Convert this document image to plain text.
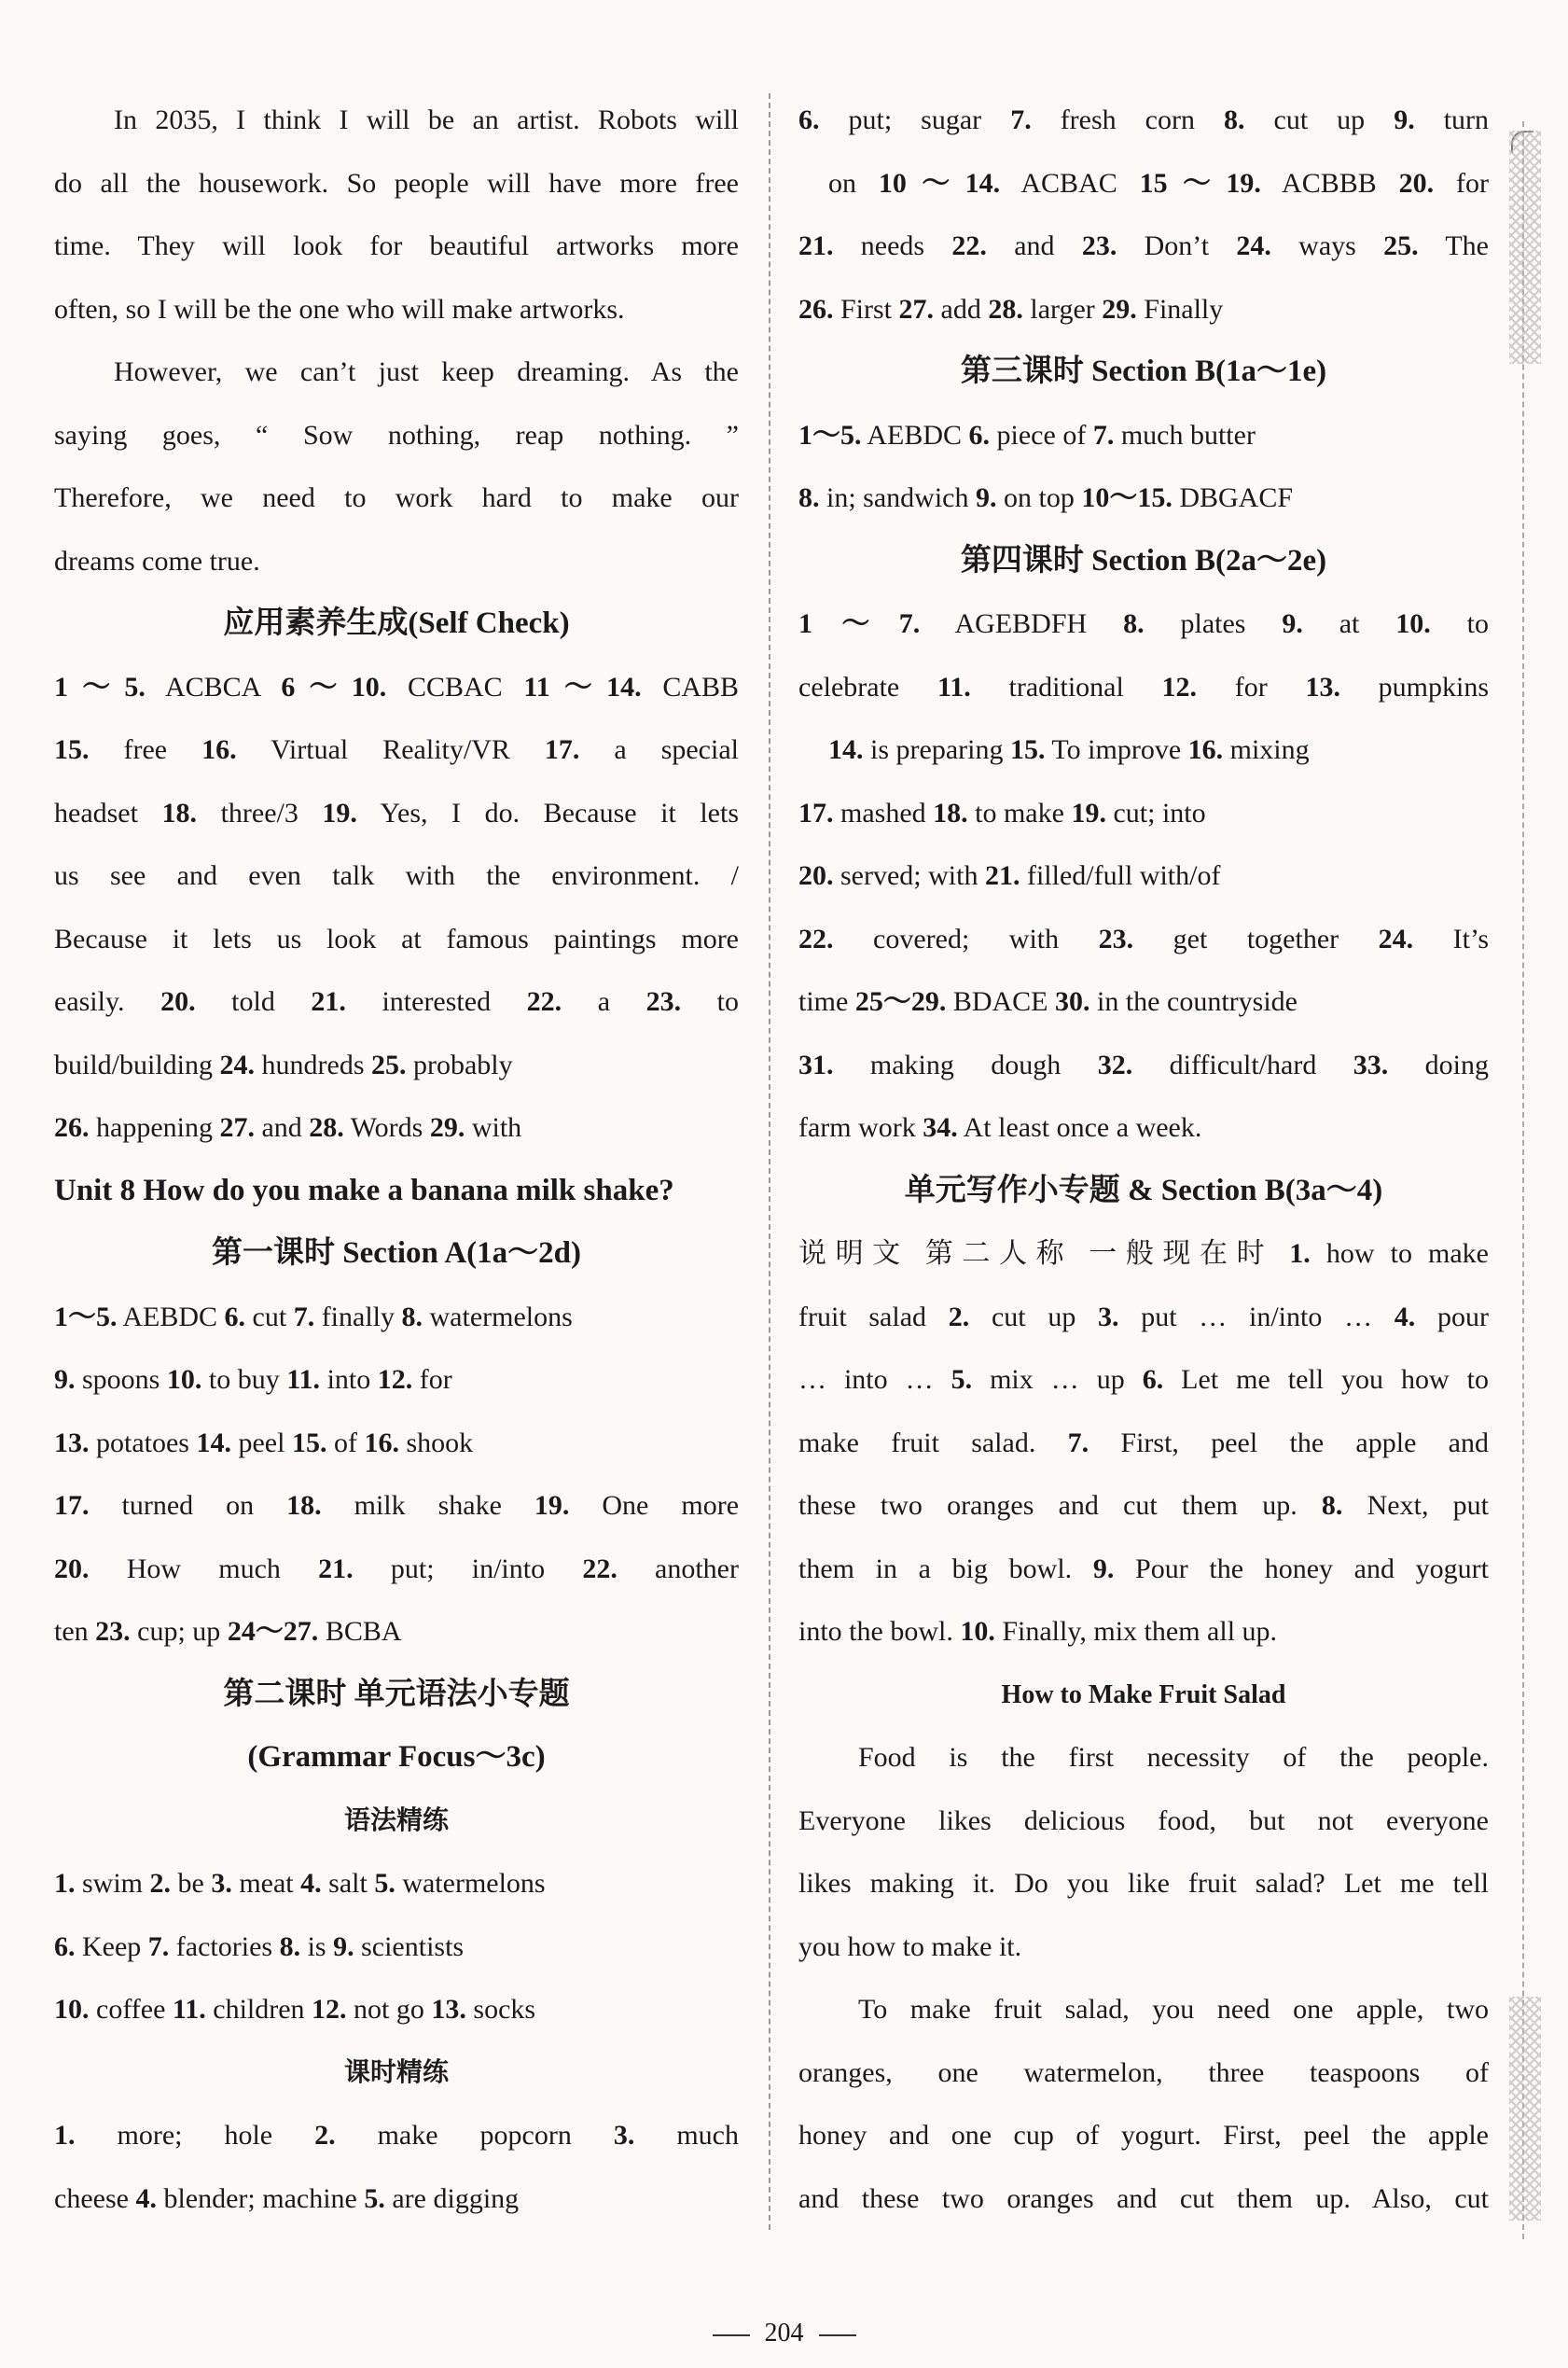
In 2035, I think I will be an artist. Robots will
do all the housework. So people will have more free
time. They will look for beautiful artworks more
often, so I will be the one who will make artworks.
However, we can’t just keep dreaming. As the
saying goes, “ Sow nothing, reap nothing. ”
Therefore, we need to work hard to make our
dreams come true.
应用素养生成(Self Check)
1～5. ACBCA 6～10. CCBAC 11～14. CABB
15. free 16. Virtual Reality/VR 17. a special
headset 18. three/3 19. Yes, I do. Because it lets
us see and even talk with the environment. /
Because it lets us look at famous paintings more
easily. 20. told 21. interested 22. a 23. to
build/building 24. hundreds 25. probably
26. happening 27. and 28. Words 29. with
Unit 8 How do you make a banana milk shake?
第一课时 Section A(1a～2d)
1～5. AEBDC 6. cut 7. finally 8. watermelons
9. spoons 10. to buy 11. into 12. for
13. potatoes 14. peel 15. of 16. shook
17. turned on 18. milk shake 19. One more
20. How much 21. put; in/into 22. another
ten 23. cup; up 24～27. BCBA
第二课时 单元语法小专题
(Grammar Focus～3c)
语法精练
1. swim 2. be 3. meat 4. salt 5. watermelons
6. Keep 7. factories 8. is 9. scientists
10. coffee 11. children 12. not go 13. socks
课时精练
1. more; hole 2. make popcorn 3. much
cheese 4. blender; machine 5. are digging
6. put; sugar 7. fresh corn 8. cut up 9. turn
on 10～14. ACBAC 15～19. ACBBB 20. for
21. needs 22. and 23. Don’t 24. ways 25. The
26. First 27. add 28. larger 29. Finally
第三课时 Section B(1a～1e)
1～5. AEBDC 6. piece of 7. much butter
8. in; sandwich 9. on top 10～15. DBGACF
第四课时 Section B(2a～2e)
1～7. AGEBDFH 8. plates 9. at 10. to
celebrate 11. traditional 12. for 13. pumpkins
14. is preparing 15. To improve 16. mixing
17. mashed 18. to make 19. cut; into
20. served; with 21. filled/full with/of
22. covered; with 23. get together 24. It’s
time 25～29. BDACE 30. in the countryside
31. making dough 32. difficult/hard 33. doing
farm work 34. At least once a week.
单元写作小专题 & Section B(3a～4)
说明文 第二人称 一般现在时 1. how to make
fruit salad 2. cut up 3. put … in/into … 4. pour
… into … 5. mix … up 6. Let me tell you how to
make fruit salad. 7. First, peel the apple and
these two oranges and cut them up. 8. Next, put
them in a big bowl. 9. Pour the honey and yogurt
into the bowl. 10. Finally, mix them all up.
How to Make Fruit Salad
Food is the first necessity of the people.
Everyone likes delicious food, but not everyone
likes making it. Do you like fruit salad? Let me tell
you how to make it.
To make fruit salad, you need one apple, two
oranges, one watermelon, three teaspoons of
honey and one cup of yogurt. First, peel the apple
and these two oranges and cut them up. Also, cut
204
